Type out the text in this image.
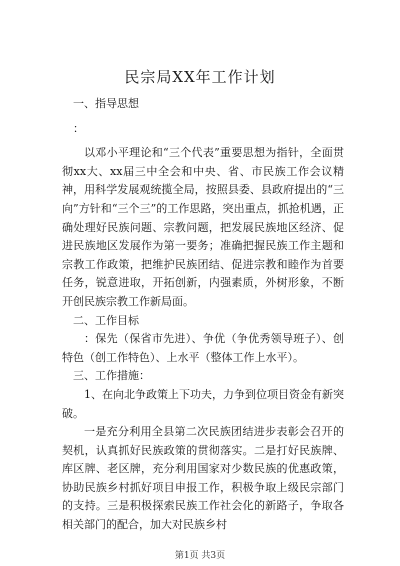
民宗局XX年工作计划

一、指导思想

：

以邓小平理论和“三个代表”重要思想为指针，全面贯彻xx大、xx届三中全会和中央、省、市民族工作会议精神，用科学发展观统揽全局，按照县委、县政府提出的“三向”方针和“三个三”的工作思路，突出重点，抓抢机遇，正确处理好民族问题、宗教问题，把发展民族地区经济、促进民族地区发展作为第一要务；准确把握民族工作主题和宗教工作政策，把维护民族团结、促进宗教和睦作为首要任务，锐意进取，开拓创新，内强素质，外树形象，不断开创民族宗教工作新局面。

二、工作目标

：保先（保省市先进）、争优（争优秀领导班子）、创特色（创工作特色）、上水平（整体工作上水平）。

三、工作措施：

1、在向北争政策上下功夫，力争到位项目资金有新突破。

一是充分利用全县第二次民族团结进步表彰会召开的契机，认真抓好民族政策的贯彻落实。二是打好民族牌、库区牌、老区牌，充分利用国家对少数民族的优惠政策，协助民族乡村抓好项目申报工作，积极争取上级民宗部门的支持。三是积极探索民族工作社会化的新路子，争取各相关部门的配合，加大对民族乡村

第1页 共3页
